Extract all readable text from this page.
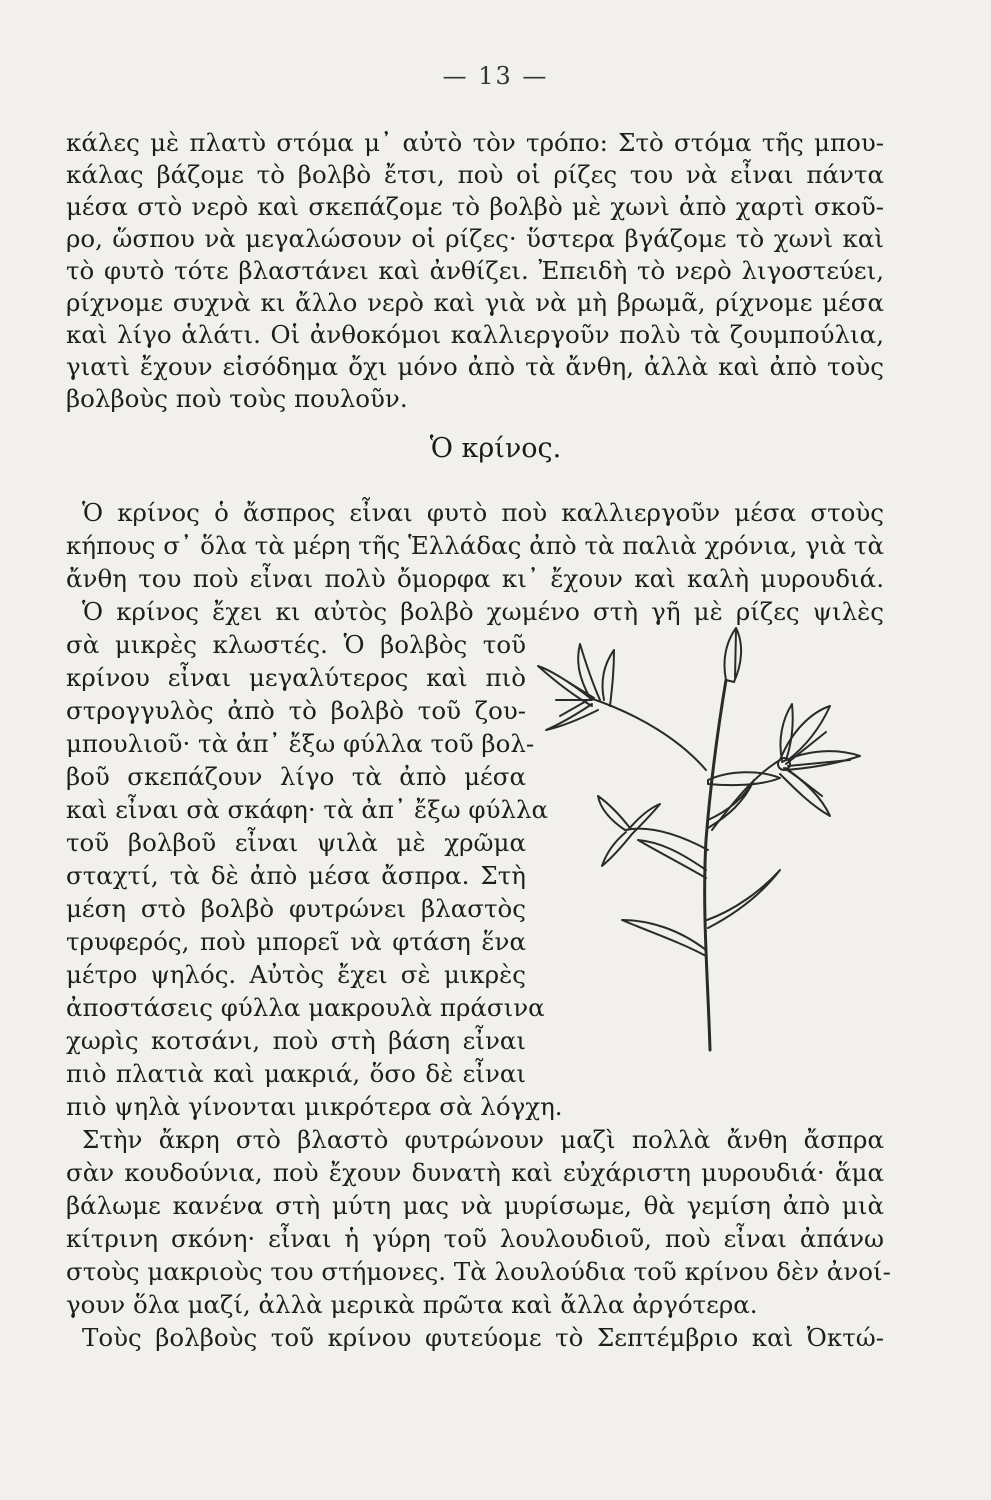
— 13 —
κάλες μὲ πλατὺ στόμα μ᾽ αὐτὸ τὸν τρόπο: Στὸ στόμα τῆς μπου-
κάλας βάζομε τὸ βολβὸ ἔτσι, ποὺ οἱ ρίζες του νὰ εἶναι πάντα
μέσα στὸ νερὸ καὶ σκεπάζομε τὸ βολβὸ μὲ χωνὶ ἀπὸ χαρτὶ σκοῦ-
ρο, ὥσπου νὰ μεγαλώσουν οἱ ρίζες· ὕστερα βγάζομε τὸ χωνὶ καὶ
τὸ φυτὸ τότε βλαστάνει καὶ ἀνθίζει. Ἐπειδὴ τὸ νερὸ λιγοστεύει,
ρίχνομε συχνὰ κι ἄλλο νερὸ καὶ γιὰ νὰ μὴ βρωμᾶ, ρίχνομε μέσα
καὶ λίγο ἁλάτι. Οἱ ἀνθοκόμοι καλλιεργοῦν πολὺ τὰ ζουμπούλια,
γιατὶ ἔχουν εἰσόδημα ὄχι μόνο ἀπὸ τὰ ἄνθη, ἀλλὰ καὶ ἀπὸ τοὺς
βολβοὺς ποὺ τοὺς πουλοῦν.
Ὁ κρίνος.
Ὁ κρίνος ὁ ἄσπρος εἶναι φυτὸ ποὺ καλλιεργοῦν μέσα στοὺς
κήπους σ᾽ ὅλα τὰ μέρη τῆς Ἑλλάδας ἀπὸ τὰ παλιὰ χρόνια, γιὰ τὰ
ἄνθη του ποὺ εἶναι πολὺ ὄμορφα κι᾽ ἔχουν καὶ καλὴ μυρουδιά.
Ὁ κρίνος ἔχει κι αὐτὸς βολβὸ χωμένο στὴ γῆ μὲ ρίζες ψιλὲς
σὰ μικρὲς κλωστές. Ὁ βολβὸς τοῦ
κρίνου εἶναι μεγαλύτερος καὶ πιὸ
στρογγυλὸς ἀπὸ τὸ βολβὸ τοῦ ζου-
μπουλιοῦ· τὰ ἀπ᾽ ἔξω φύλλα τοῦ βολ-
βοῦ σκεπάζουν λίγο τὰ ἀπὸ μέσα
καὶ εἶναι σὰ σκάφη· τὰ ἀπ᾽ ἔξω φύλλα
τοῦ βολβοῦ εἶναι ψιλὰ μὲ χρῶμα
σταχτί, τὰ δὲ ἀπὸ μέσα ἄσπρα. Στὴ
μέση στὸ βολβὸ φυτρώνει βλαστὸς
τρυφερός, ποὺ μπορεῖ νὰ φτάση ἕνα
μέτρο ψηλός. Αὐτὸς ἔχει σὲ μικρὲς
ἀποστάσεις φύλλα μακρουλὰ πράσινα
χωρὶς κοτσάνι, ποὺ στὴ βάση εἶναι
πιὸ πλατιὰ καὶ μακριά, ὅσο δὲ εἶναι
πιὸ ψηλὰ γίνονται μικρότερα σὰ λόγχη.
Στὴν ἄκρη στὸ βλαστὸ φυτρώνουν μαζὶ πολλὰ ἄνθη ἄσπρα
σὰν κουδούνια, ποὺ ἔχουν δυνατὴ καὶ εὐχάριστη μυρουδιά· ἅμα
βάλωμε κανένα στὴ μύτη μας νὰ μυρίσωμε, θὰ γεμίση ἀπὸ μιὰ
κίτρινη σκόνη· εἶναι ἡ γύρη τοῦ λουλουδιοῦ, ποὺ εἶναι ἀπάνω
στοὺς μακριοὺς του στήμονες. Τὰ λουλούδια τοῦ κρίνου δὲν ἀνοί-
γουν ὅλα μαζί, ἀλλὰ μερικὰ πρῶτα καὶ ἄλλα ἀργότερα.
Τοὺς βολβοὺς τοῦ κρίνου φυτεύομε τὸ Σεπτέμβριο καὶ Ὀκτώ-
